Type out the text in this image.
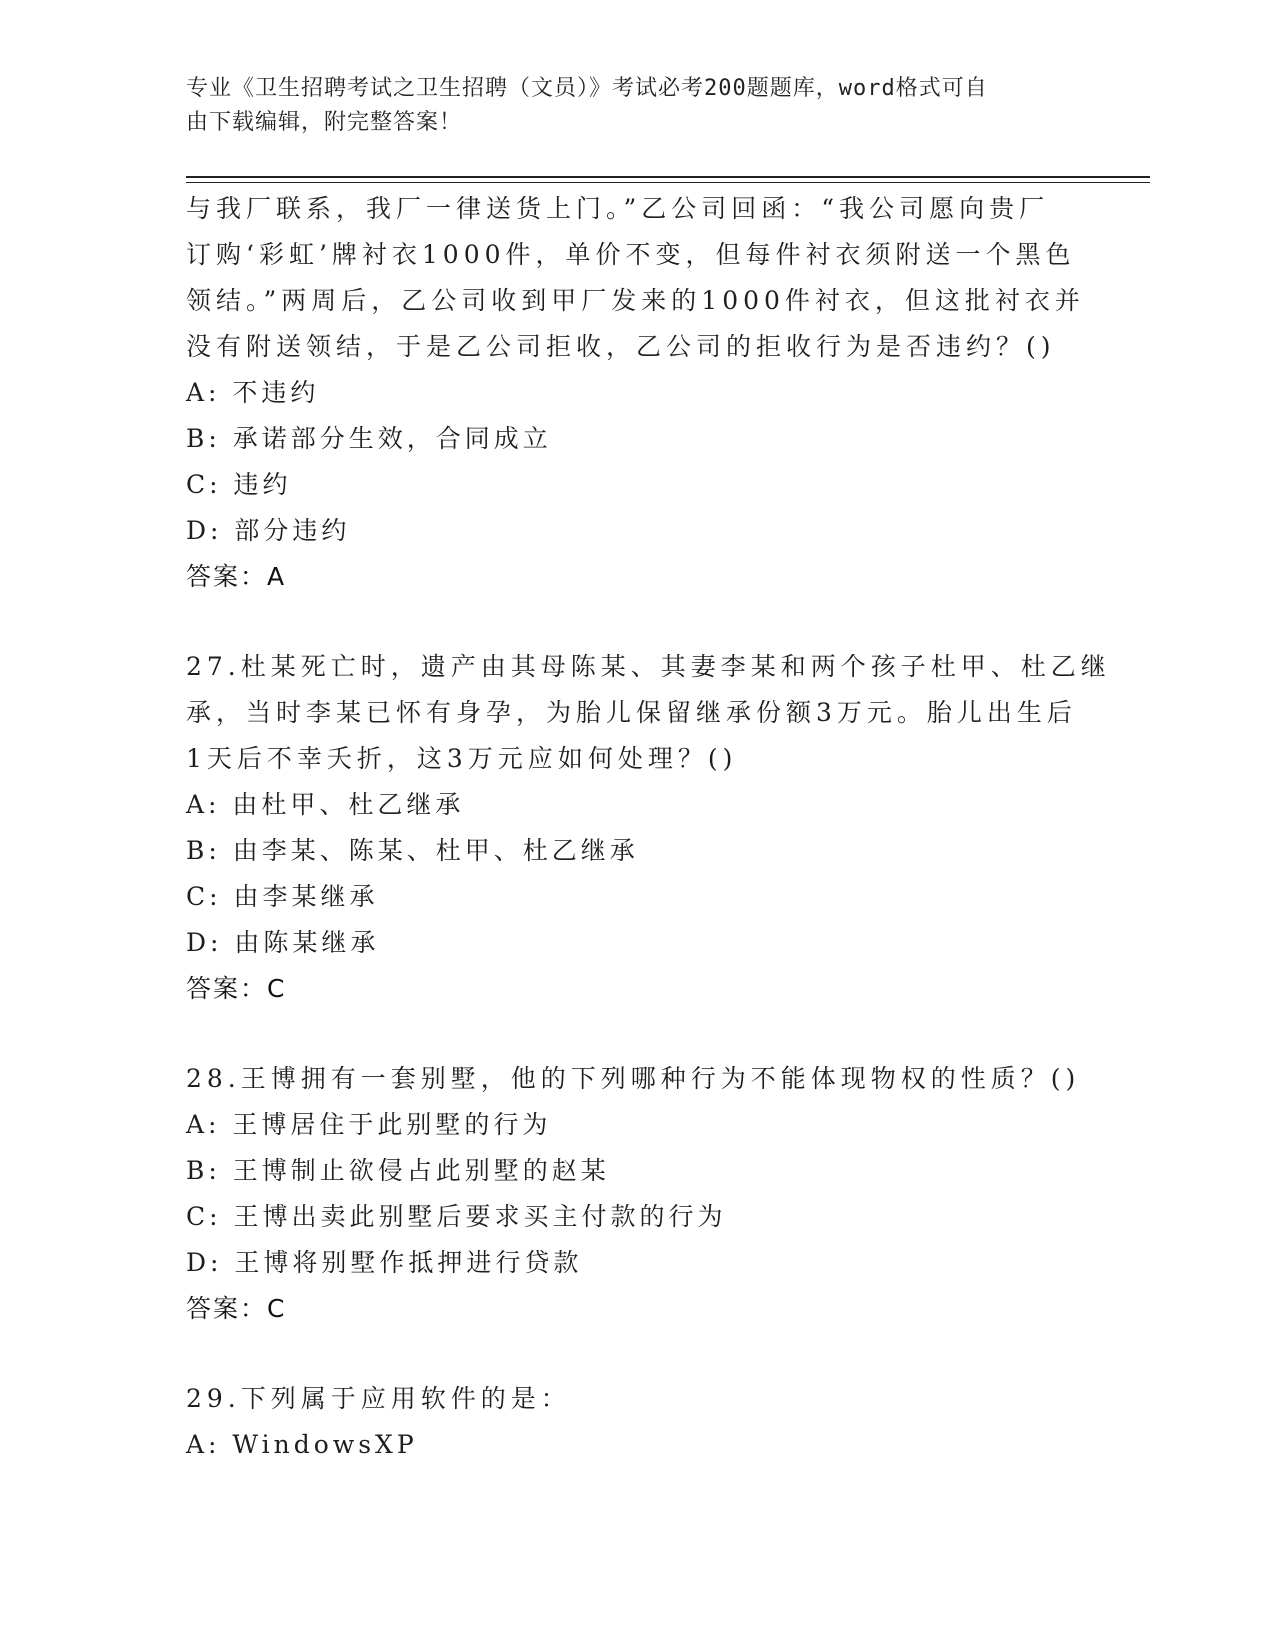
专业《卫生招聘考试之卫生招聘（文员）》考试必考200题题库，word格式可自
由下载编辑，附完整答案！
与我厂联系，我厂一律送货上门。”乙公司回函：“我公司愿向贵厂
订购‘彩虹’牌衬衣1000件，单价不变，但每件衬衣须附送一个黑色
领结。”两周后，乙公司收到甲厂发来的1000件衬衣，但这批衬衣并
没有附送领结，于是乙公司拒收，乙公司的拒收行为是否违约？()
A: 不违约
B: 承诺部分生效，合同成立
C: 违约
D: 部分违约
答案：A
27.杜某死亡时，遗产由其母陈某、其妻李某和两个孩子杜甲、杜乙继
承，当时李某已怀有身孕，为胎儿保留继承份额3万元。胎儿出生后
1天后不幸夭折，这3万元应如何处理？()
A: 由杜甲、杜乙继承
B: 由李某、陈某、杜甲、杜乙继承
C: 由李某继承
D: 由陈某继承
答案：C
28.王博拥有一套别墅，他的下列哪种行为不能体现物权的性质？()
A: 王博居住于此别墅的行为
B: 王博制止欲侵占此别墅的赵某
C: 王博出卖此别墅后要求买主付款的行为
D: 王博将别墅作抵押进行贷款
答案：C
29.下列属于应用软件的是：
A: WindowsXP
